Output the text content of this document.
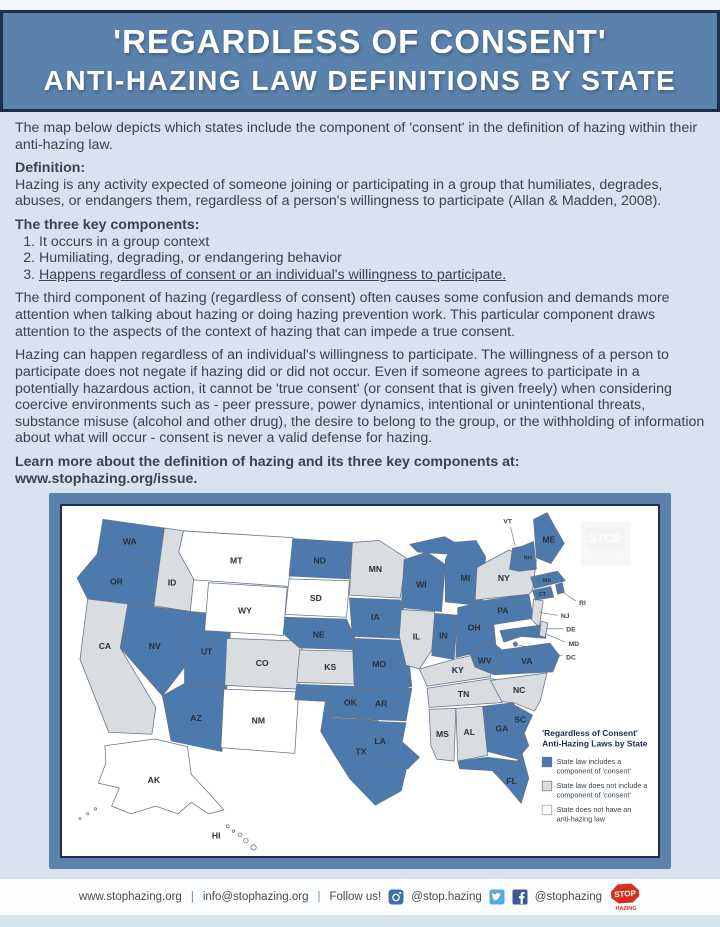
'REGARDLESS OF CONSENT'
ANTI-HAZING LAW DEFINITIONS BY STATE

The map below depicts which states include the component of 'consent' in the definition of hazing within their anti-hazing law.

Definition:

Hazing is any activity expected of someone joining or participating in a group that humiliates, degrades, abuses, or endangers them, regardless of a person's willingness to participate (Allan & Madden, 2008).

The three key components:

1. It occurs in a group context
2. Humiliating, degrading, or endangering behavior
3. Happens regardless of consent or an individual's willingness to participate.

The third component of hazing (regardless of consent) often causes some confusion and demands more attention when talking about hazing or doing hazing prevention work. This particular component draws attention to the aspects of the context of hazing that can impede a true consent.

Hazing can happen regardless of an individual's willingness to participate. The willingness of a person to participate does not negate if hazing did or did not occur. Even if someone agrees to participate in a potentially hazardous action, it cannot be 'true consent' (or consent that is given freely) when considering coercive environments such as - peer pressure, power dynamics, intentional or unintentional threats, substance misuse (alcohol and other drug), the desire to belong to the group, or the withholding of information about what will occur - consent is never a valid defense for hazing.

Learn more about the definition of hazing and its three key components at:
www.stophazing.org/issue.
WA
OR
CA
ID
NV
UT
AZ
MT
WY
CO
NM
ND
SD
NE
KS
OK
TX
MN
IA
MO
AR
LA
WI
IL
MI
IN
OH
KY
TN
MS AL GA
FL
SC
NC
VA
WV
PA
NY
ME
AK
HI
NH
MA
CT
VT
RI
NJ
DE
MD
DC
STOP
HAZING
'Regardless of Consent'
Anti-Hazing Laws by State
State law includes a
component of 'consent'
State law does not include a
component of 'consent'
State does not have an
anti-hazing law
www.stophazing.org | info@stophazing.org | Follow us!	@stop.hazing	@stophazing STOP
HAZING
